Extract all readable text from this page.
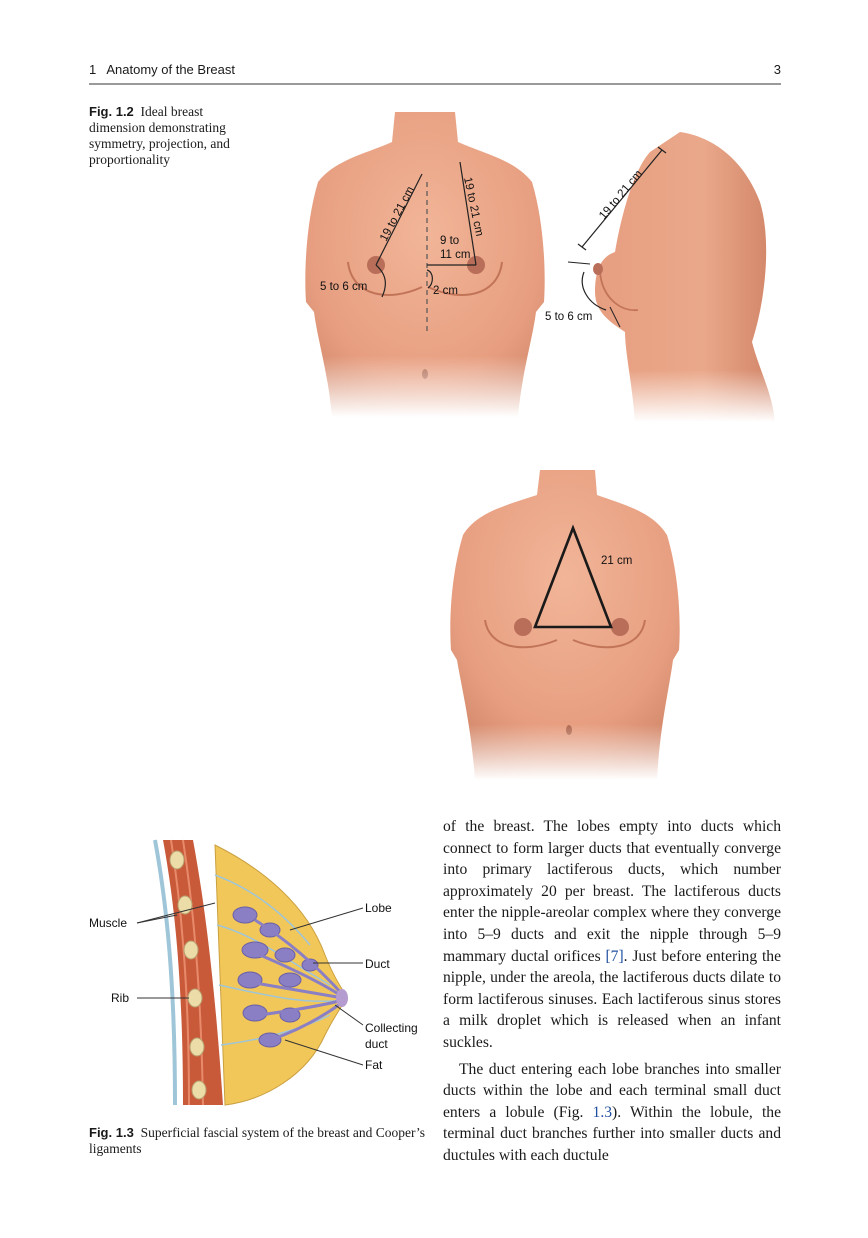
1   Anatomy of the Breast	3
Fig. 1.2 Ideal breast dimension demonstrating symmetry, projection, and proportionality
Muscle
Rib
Lobe
Duct
Collecting
duct
Fat
Fig. 1.3 Superficial fascial system of the breast and Cooper’s ligaments

of the breast. The lobes empty into ducts which connect to form larger ducts that eventually converge into primary lactiferous ducts, which number approximately 20 per breast. The lactiferous ducts enter the nipple-areolar complex where they converge into 5–9 ducts and exit the nipple through 5–9 mammary ductal orifices [7]. Just before entering the nipple, under the areola, the lactiferous ducts dilate to form lactiferous sinuses. Each lactiferous sinus stores a milk droplet which is released when an infant suckles.

The duct entering each lobe branches into smaller ducts within the lobe and each terminal small duct enters a lobule (Fig. 1.3). Within the lobule, the terminal duct branches further into smaller ducts and ductules with each ductule
